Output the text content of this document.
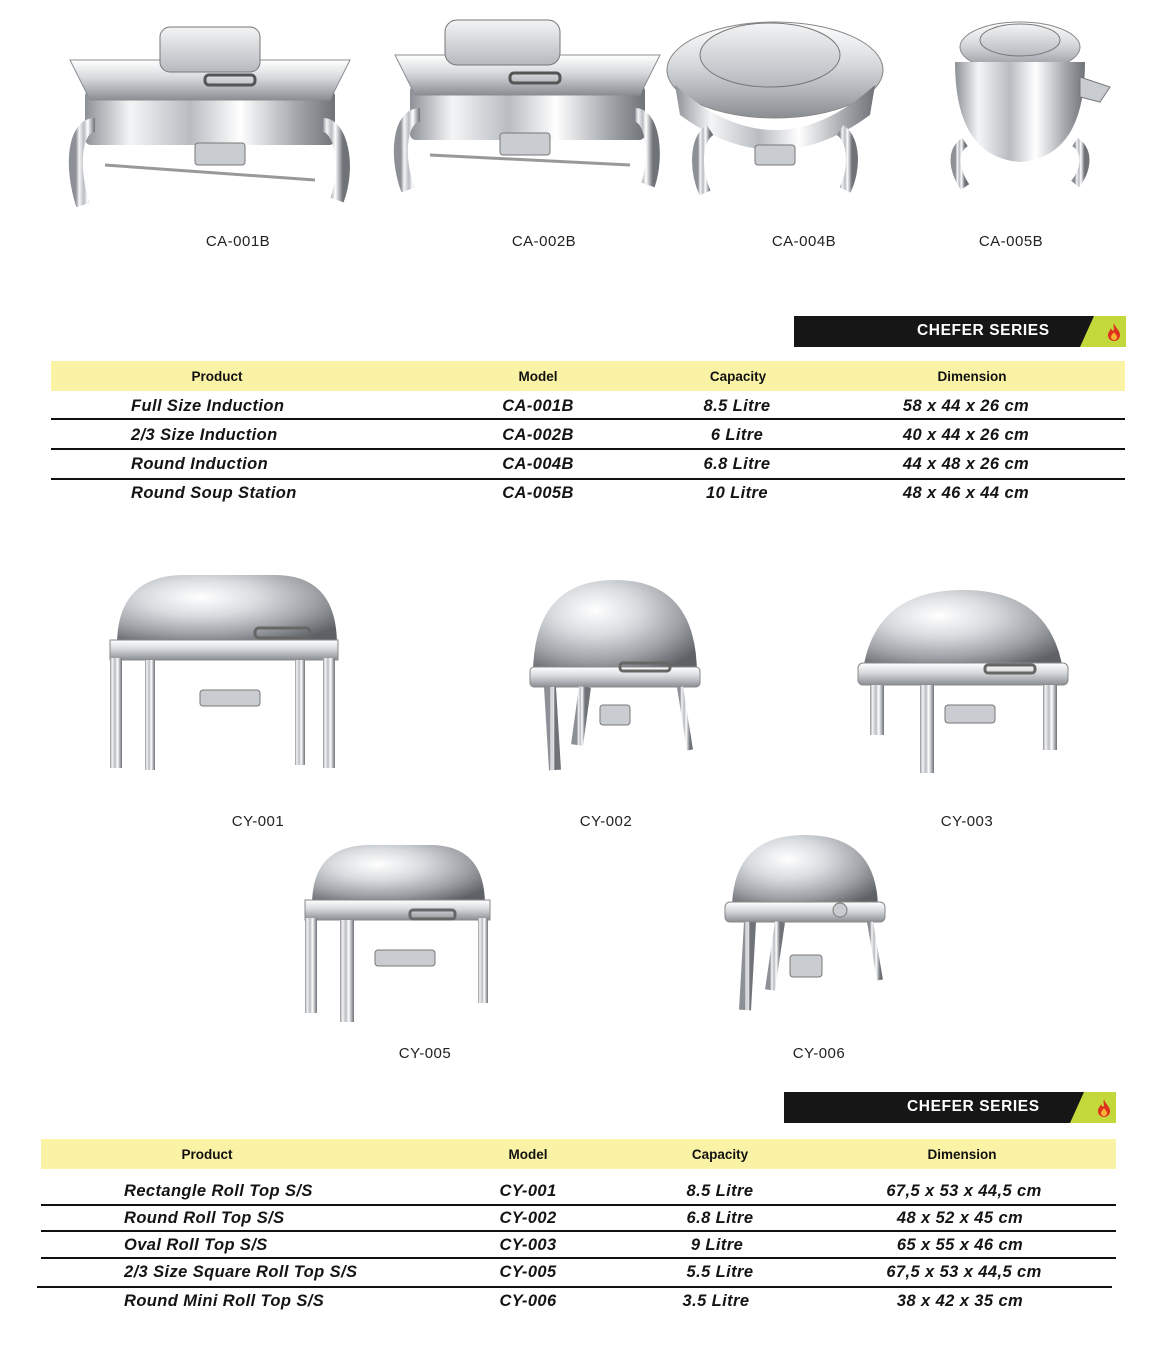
CA-001B	CA-002B	CA-004B	CA-005B
CHEFER SERIES
Product	Model	Capacity	Dimension
Full Size Induction	CA-001B	8.5 Litre	58 x 44 x 26 cm
2/3 Size Induction	CA-002B	6 Litre	40 x 44 x 26 cm
Round Induction	CA-004B	6.8 Litre	44 x 48 x 26 cm
Round Soup Station	CA-005B	10 Litre	48 x 46 x 44 cm
CY-001	CY-002	CY-003
CY-005	CY-006
CHEFER SERIES
Product	Model	Capacity	Dimension
Rectangle Roll Top S/S	CY-001	8.5 Litre	67,5 x 53 x 44,5 cm
Round Roll Top S/S	CY-002	6.8 Litre	48 x 52 x 45 cm
Oval Roll Top S/S	CY-003	9 Litre	65 x 55 x 46 cm
2/3 Size Square Roll Top S/S	CY-005	5.5 Litre	67,5 x 53 x 44,5 cm
Round Mini Roll Top S/S	CY-006	3.5 Litre	38 x 42 x 35 cm
